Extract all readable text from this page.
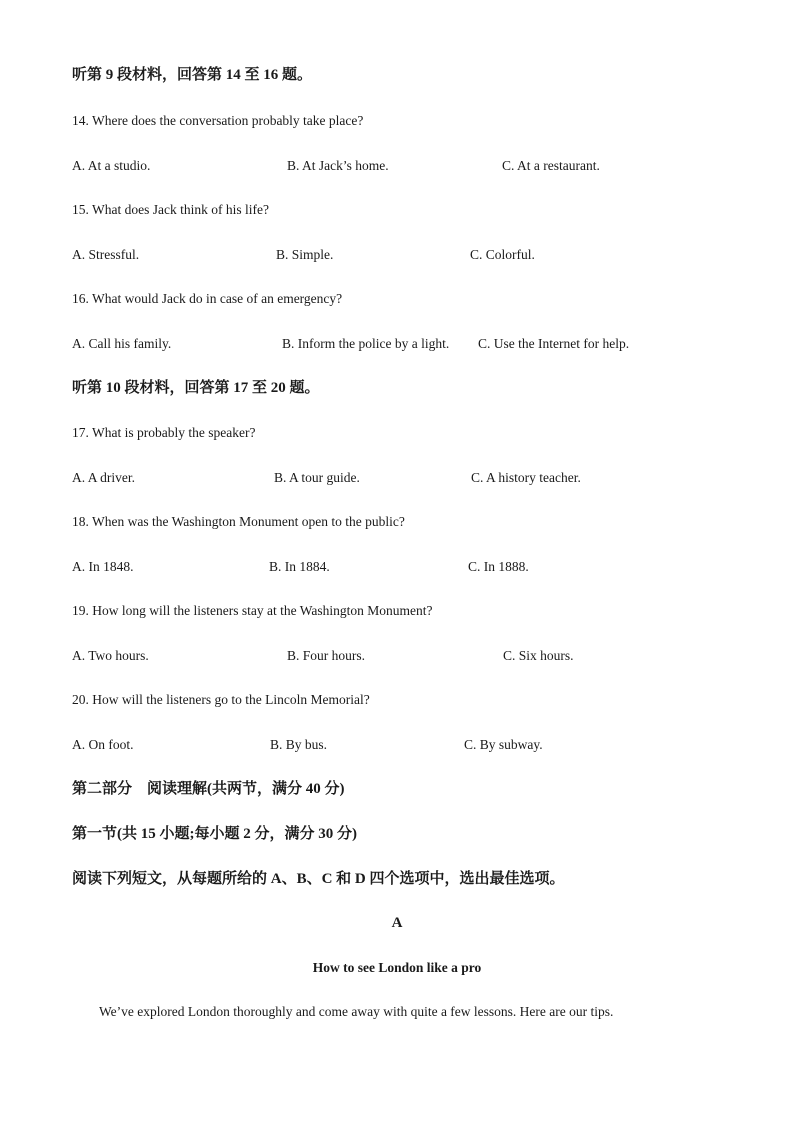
听第 9 段材料，回答第 14 至 16 题。
14. Where does the conversation probably take place?
A. At a studio.	B. At Jack’s home.	C. At a restaurant.
15. What does Jack think of his life?
A. Stressful.	B. Simple.	C. Colorful.
16. What would Jack do in case of an emergency?
A. Call his family.	B. Inform the police by a light. C. Use the Internet for help.
听第 10 段材料，回答第 17 至 20 题。
17. What is probably the speaker?
A. A driver.	B. A tour guide.	C. A history teacher.
18. When was the Washington Monument open to the public?
A. In 1848.	B. In 1884.	C. In 1888.
19. How long will the listeners stay at the Washington Monument?
A. Two hours.	B. Four hours.	C. Six hours.
20. How will the listeners go to the Lincoln Memorial?
A. On foot.	B. By bus.	C. By subway.
第二部分　阅读理解(共两节，满分 40 分)
第一节(共 15 小题;每小题 2 分，满分 30 分)
阅读下列短文，从每题所给的 A、B、C 和 D 四个选项中，选出最佳选项。
A
How to see London like a pro
We’ve explored London thoroughly and come away with quite a few lessons. Here are our tips.
